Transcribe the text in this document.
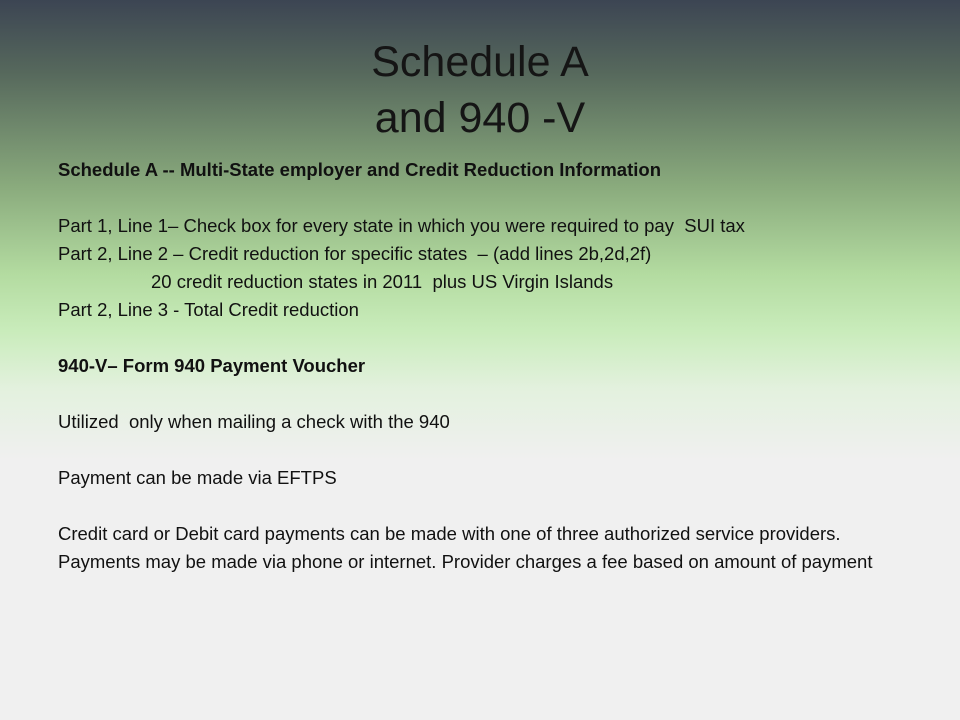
Schedule A
and 940 -V
Schedule A -- Multi-State employer and Credit Reduction Information
Part 1, Line 1– Check box for every state in which you were required to pay  SUI tax
Part 2, Line 2 – Credit reduction for specific states  – (add lines 2b,2d,2f)
20 credit reduction states in 2011  plus US Virgin Islands
Part 2, Line 3 - Total Credit reduction
940-V– Form 940 Payment Voucher
Utilized  only when mailing a check with the 940
Payment can be made via EFTPS
Credit card or Debit card payments can be made with one of three authorized service providers. Payments may be made via phone or internet. Provider charges a fee based on amount of payment
